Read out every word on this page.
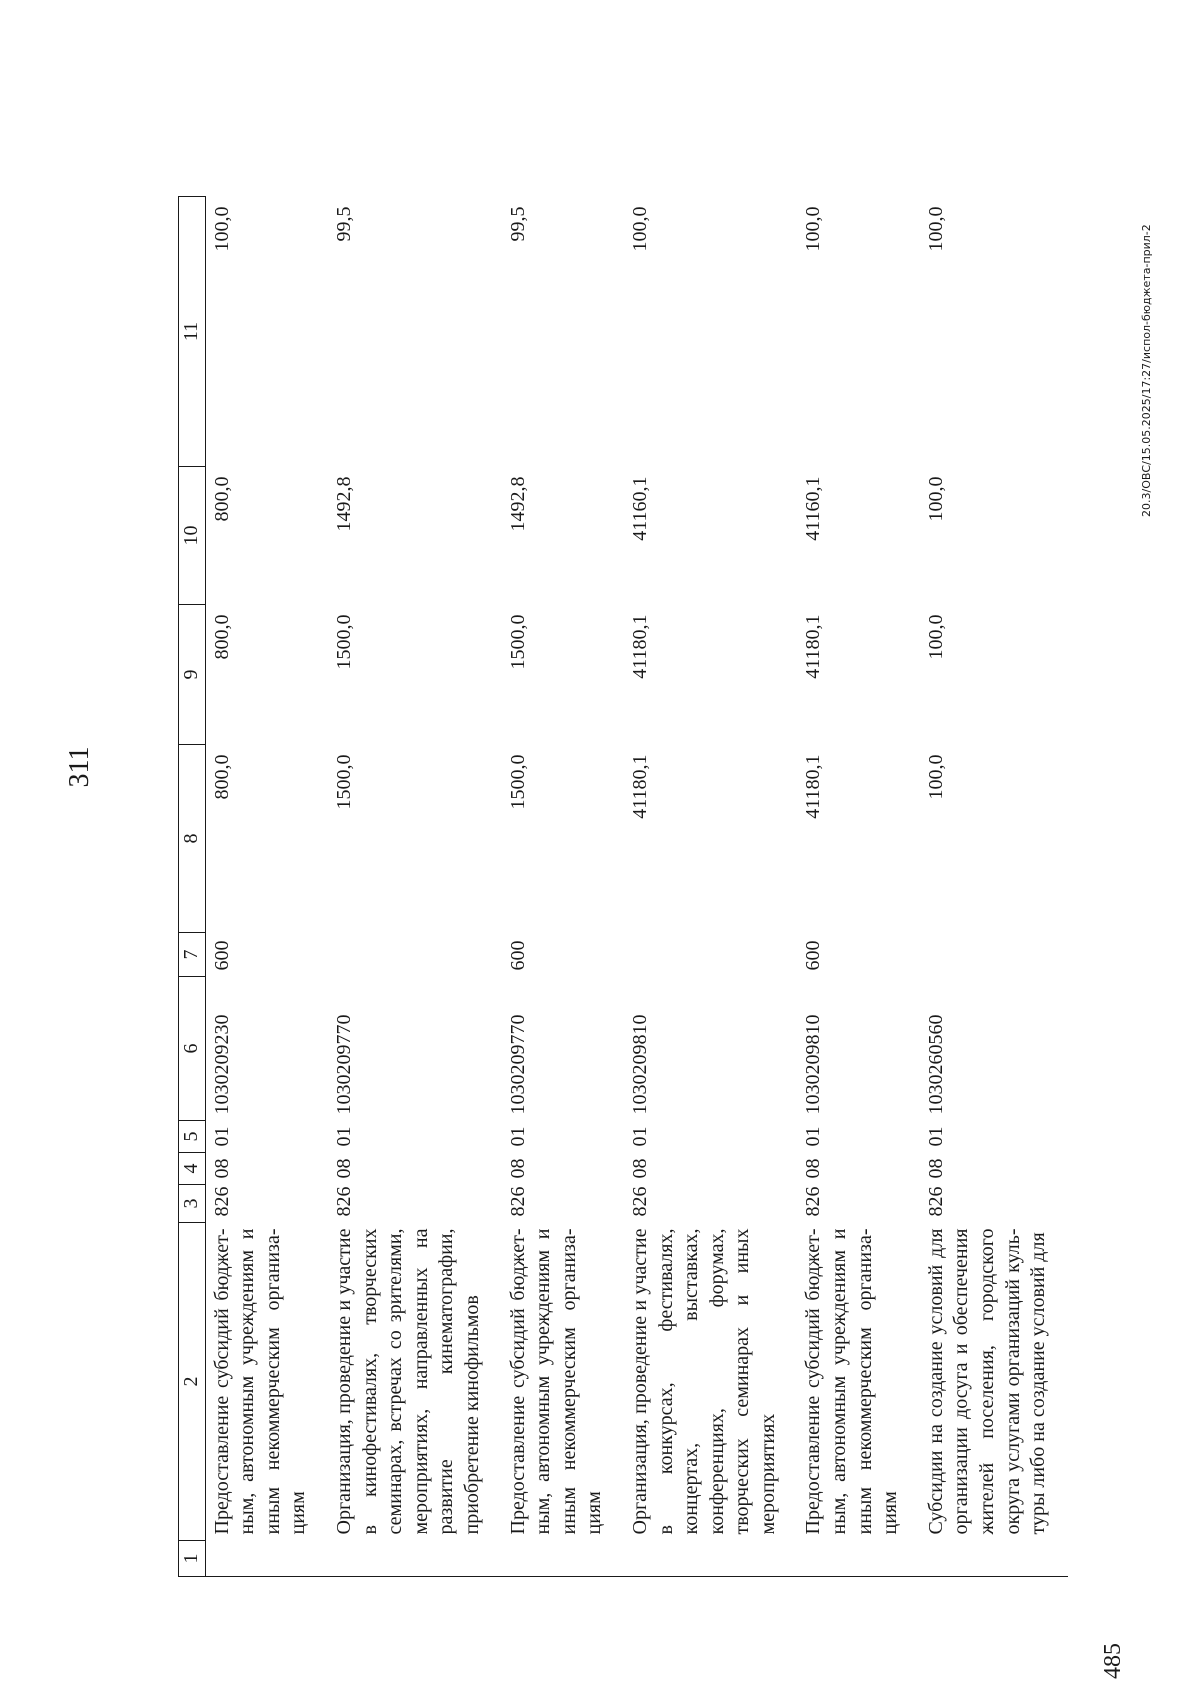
311
485
20.3/ОВС/15.05.2025/17:27/испол-бюджета-прил-2
1	2	3	4	5	6	7	8	9	10	11
	Предоставление субсидий бюджетным, автономным учреждениям и иным некоммерческим организациям	826	08	01	1030209230	600	800,0	800,0	800,0	100,0
	Организация, проведение и участие в кинофестивалях, творческих семинарах, встречах со зрителями, мероприятиях, направленных на развитие кинематографии, приобретение кинофильмов	826	08	01	1030209770		1500,0	1500,0	1492,8	99,5
	Предоставление субсидий бюджетным, автономным учреждениям и иным некоммерческим организациям	826	08	01	1030209770	600	1500,0	1500,0	1492,8	99,5
	Организация, проведение и участие в конкурсах, фестивалях, концертах, выставках, конференциях, форумах, творческих семинарах и иных мероприятиях	826	08	01	1030209810		41180,1	41180,1	41160,1	100,0
	Предоставление субсидий бюджетным, автономным учреждениям и иным некоммерческим организациям	826	08	01	1030209810	600	41180,1	41180,1	41160,1	100,0
	Субсидии на создание условий для организации досуга и обеспечения жителей поселения, городского округа услугами организаций культуры либо на создание условий для	826	08	01	1030260560		100,0	100,0	100,0	100,0
